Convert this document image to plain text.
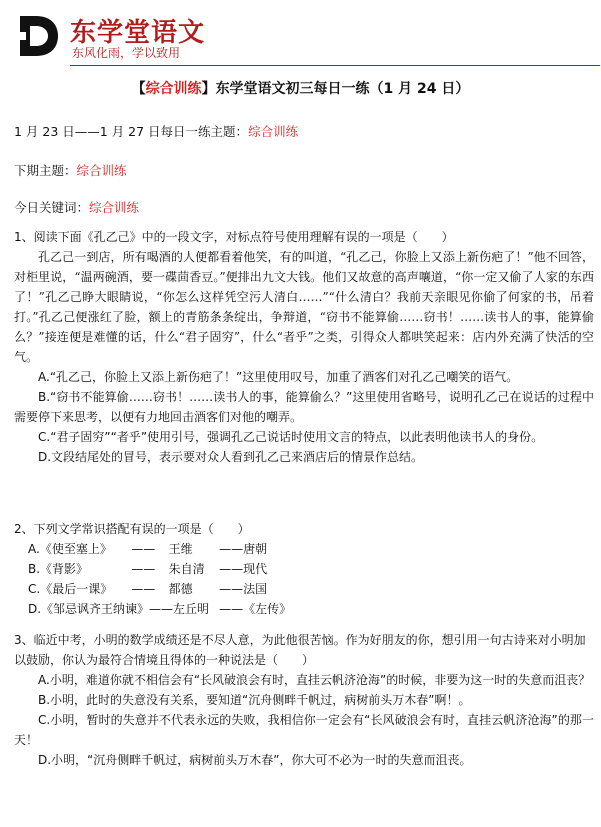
东学堂语文
东风化雨，学以致用
【综合训练】东学堂语文初三每日一练（1 月 24 日）
1 月 23 日——1 月 27 日每日一练主题：综合训练
下期主题：综合训练
今日关键词：综合训练
1、阅读下面《孔乙己》中的一段文字，对标点符号使用理解有误的一项是（　　）
孔乙己一到店，所有喝酒的人便都看着他笑，有的叫道，“孔乙己，你脸上又添上新伤疤了！”他不回答，对柜里说，“温两碗酒，要一碟茴香豆。”便排出九文大钱。他们又故意的高声嚷道，“你一定又偷了人家的东西了！”孔乙己睁大眼睛说，“你怎么这样凭空污人清白……”“什么清白？我前天亲眼见你偷了何家的书，吊着打。”孔乙己便涨红了脸，额上的青筋条条绽出，争辩道，“窃书不能算偷……窃书！……读书人的事，能算偷么？”接连便是难懂的话，什么“君子固穷”，什么“者乎”之类，引得众人都哄笑起来：店内外充满了快活的空气。
A.“孔乙己，你脸上又添上新伤疤了！”这里使用叹号，加重了酒客们对孔乙己嘲笑的语气。
B.“窃书不能算偷……窃书！……读书人的事，能算偷么？”这里使用省略号，说明孔乙己在说话的过程中需要停下来思考，以便有力地回击酒客们对他的嘲弄。
C.“君子固穷”“者乎”使用引号，强调孔乙己说话时使用文言的特点，以此表明他读书人的身份。
D.文段结尾处的冒号，表示要对众人看到孔乙己来酒店后的情景作总结。
2、下列文学常识搭配有误的一项是（　　）
A.《使至塞上》	——	王维	——唐朝
B.《背影》	——	朱自清	——现代
C.《最后一课》	——	都德	——法国
D.《邹忌讽齐王纳谏》——左丘明			——《左传》
3、临近中考，小明的数学成绩还是不尽人意，为此他很苦恼。作为好朋友的你，想引用一句古诗来对小明加以鼓励，你认为最符合情境且得体的一种说法是（　　）
A.小明，难道你就不相信会有“长风破浪会有时，直挂云帆济沧海”的时候，非要为这一时的失意而沮丧？
B.小明，此时的失意没有关系，要知道“沉舟侧畔千帆过，病树前头万木春”啊！。
C.小明，暂时的失意并不代表永远的失败，我相信你一定会有“长风破浪会有时，直挂云帆济沧海”的那一天！
D.小明，“沉舟侧畔千帆过，病树前头万木春”，你大可不必为一时的失意而沮丧。
